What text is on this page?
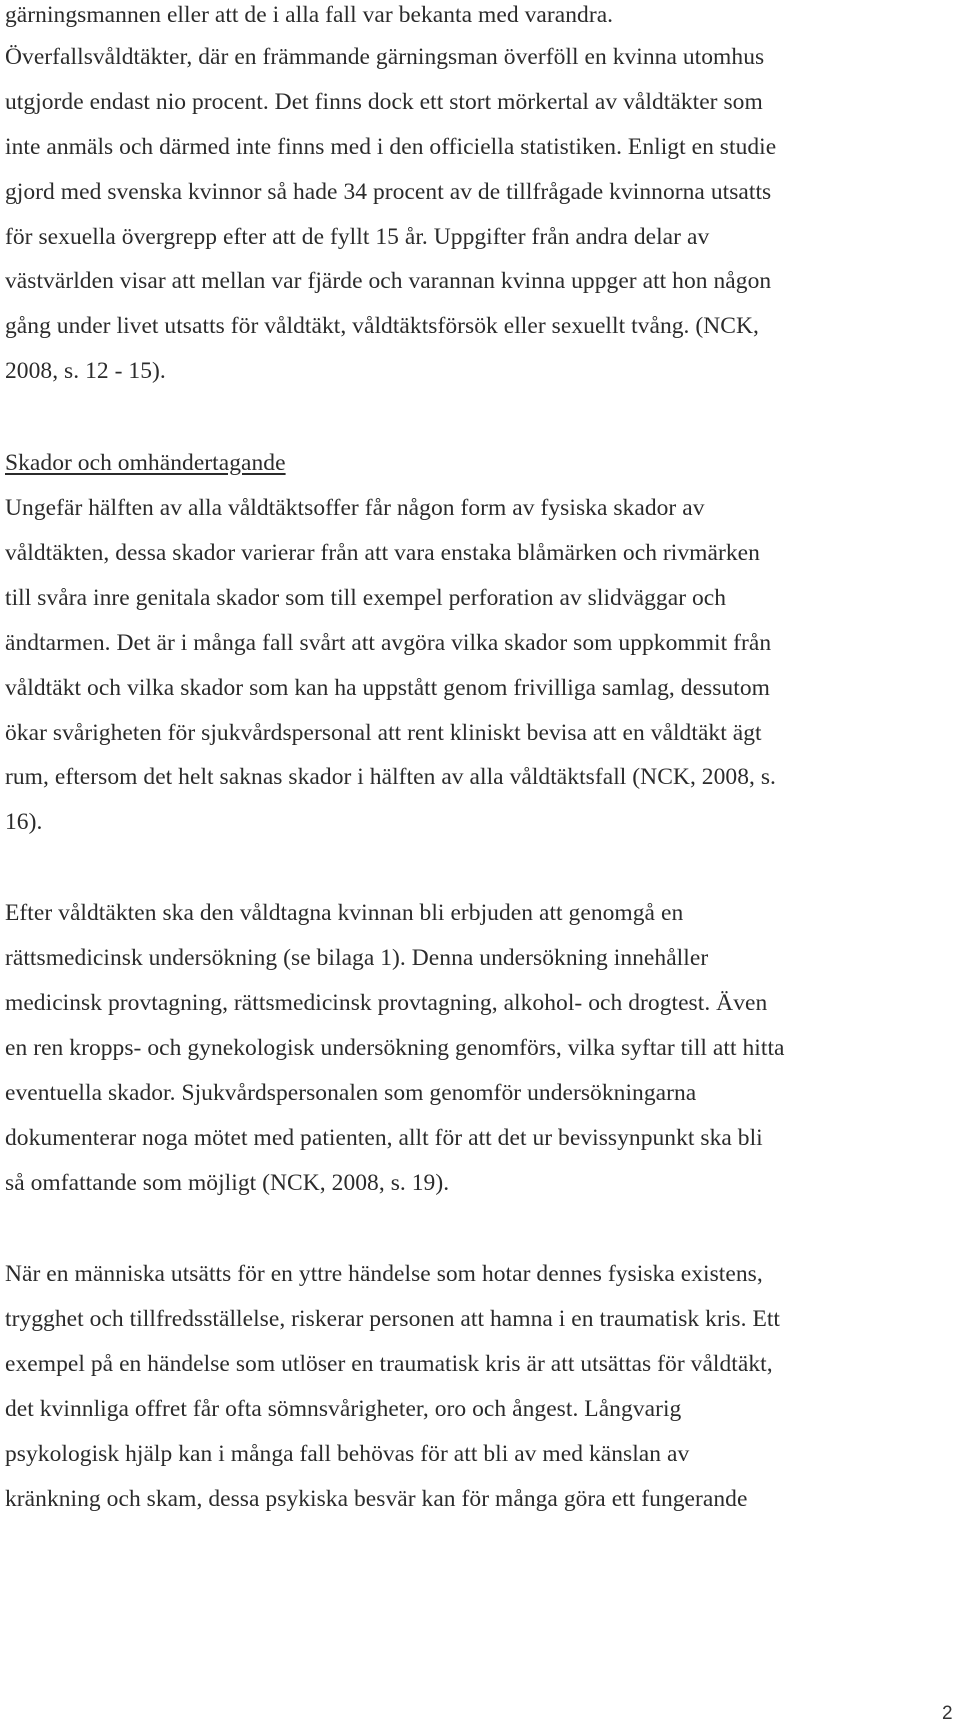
gärningsmannen eller att de i alla fall var bekanta med varandra.
Överfallsvåldtäkter, där en främmande gärningsman överföll en kvinna utomhus
utgjorde endast nio procent. Det finns dock ett stort mörkertal av våldtäkter som
inte anmäls och därmed inte finns med i den officiella statistiken. Enligt en studie
gjord med svenska kvinnor så hade 34 procent av de tillfrågade kvinnorna utsatts
för sexuella övergrepp efter att de fyllt 15 år. Uppgifter från andra delar av
västvärlden visar att mellan var fjärde och varannan kvinna uppger att hon någon
gång under livet utsatts för våldtäkt, våldtäktsförsök eller sexuellt tvång. (NCK,
2008, s. 12 - 15).
Skador och omhändertagande
Ungefär hälften av alla våldtäktsoffer får någon form av fysiska skador av
våldtäkten, dessa skador varierar från att vara enstaka blåmärken och rivmärken
till svåra inre genitala skador som till exempel perforation av slidväggar och
ändtarmen. Det är i många fall svårt att avgöra vilka skador som uppkommit från
våldtäkt och vilka skador som kan ha uppstått genom frivilliga samlag, dessutom
ökar svårigheten för sjukvårdspersonal att rent kliniskt bevisa att en våldtäkt ägt
rum, eftersom det helt saknas skador i hälften av alla våldtäktsfall (NCK, 2008, s.
16).
Efter våldtäkten ska den våldtagna kvinnan bli erbjuden att genomgå en
rättsmedicinsk undersökning (se bilaga 1). Denna undersökning innehåller
medicinsk provtagning, rättsmedicinsk provtagning, alkohol- och drogtest. Även
en ren kropps- och gynekologisk undersökning genomförs, vilka syftar till att hitta
eventuella skador. Sjukvårdspersonalen som genomför undersökningarna
dokumenterar noga mötet med patienten, allt för att det ur bevissynpunkt ska bli
så omfattande som möjligt (NCK, 2008, s. 19).
När en människa utsätts för en yttre händelse som hotar dennes fysiska existens,
trygghet och tillfredsställelse, riskerar personen att hamna i en traumatisk kris. Ett
exempel på en händelse som utlöser en traumatisk kris är att utsättas för våldtäkt,
det kvinnliga offret får ofta sömnsvårigheter, oro och ångest. Långvarig
psykologisk hjälp kan i många fall behövas för att bli av med känslan av
kränkning och skam, dessa psykiska besvär kan för många göra ett fungerande
2
